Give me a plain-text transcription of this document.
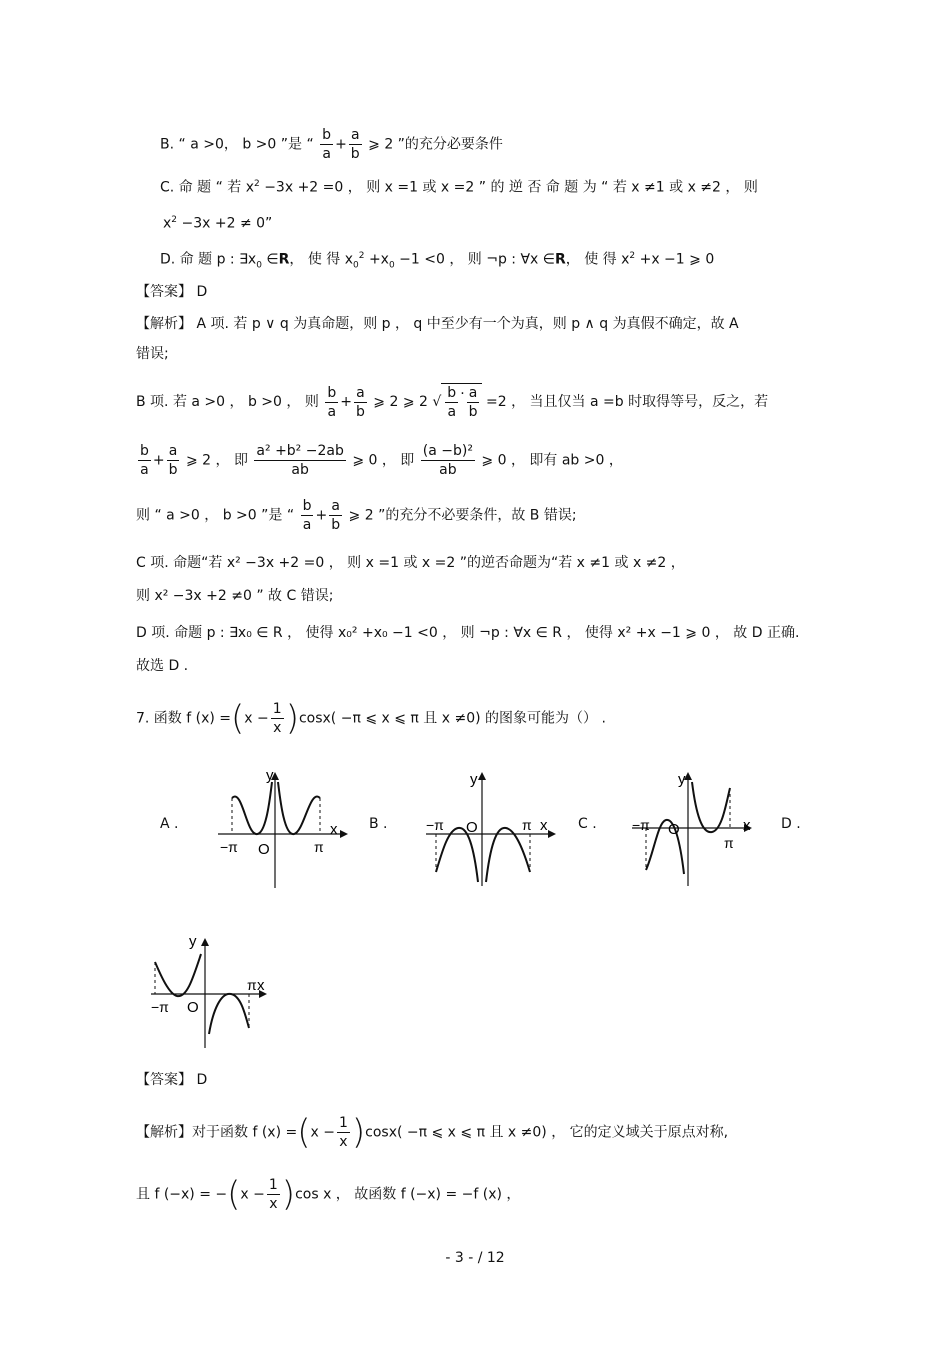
B. “ a >0， b >0 ”是 “ $\frac{b}{a} + \frac{a}{b}$ ⩾ 2 ”的充分必要条件
C. 命 题 “ 若 $x^2 -3x +2 =0$ ， 则 x =1 或 x =2 ” 的 逆 否 命 题 为 “ 若 x ≠1 或 x ≠2 ， 则
$x^2 -3x +2 \ne 0$”
D. 命 题 p : $\exists x_0$ ∈R， 使 得 $x_0^2 +x_0 -1 <0$ ， 则 ¬p : ∀x ∈R， 使 得 $x^2 +x -1$ ⩾ 0
【答案】 D
【解析】 A 项. 若 p ∨ q 为真命题，则 p ， q 中至少有一个为真，则 p ∧ q 为真假不确定，故 A
错误;
B 项. 若 a >0 ， b >0 ， 则 $\frac{b}{a} + \frac{a}{b}$ ⩾ 2 ⩾ 2 √ $\frac{b}{a} \cdot \frac{a}{b} =2$ ， 当且仅当 a =b 时取得等号，反之，若
$\frac{b}{a} + \frac{a}{b}$ ⩾ 2 ， 即 $\frac{\text{a² +b² −2ab}}{ab}$ ⩾ 0 ， 即 $\frac{\text{(a −b)²}}{ab}$ ⩾ 0 ， 即有 ab >0 ，
则 “ a >0 ， b >0 ”是 “ $\frac{b}{a} + \frac{a}{b}$ ⩾ 2 ”的充分不必要条件，故 B 错误;
C 项. 命题“若 x² −3x +2 =0 ， 则 x =1 或 x =2 ”的逆否命题为“若 x ≠1 或 x ≠2 ，
则 x² −3x +2 ≠0 ” 故 C 错误;
D 项. 命题 p : ∃x₀ ∈ R ， 使得 x₀² +x₀ −1 <0 ， 则 ¬p : ∀x ∈ R ， 使得 x² +x −1 ⩾ 0 ， 故 D 正确.
故选 D .
7. 函数 f $(x) =(x - \frac{1}{x} )\cos x( -\pi$ ⩽ x ⩽ π 且 x ≠0) 的图象可能为（） .
A .	B .	C .	D .
y
x
−π O	π
y
x
−π O	π
y
x
−π O
π
y
x
−π O
π
【答案】 D
【解析】对于函数 f $(x) =(x - \frac{1}{x} )\cos x( -\pi$ ⩽ x ⩽ π 且 x ≠0) ， 它的定义域关于原点对称,
且 f $(-x) = -(x - \frac{1}{x} )\cos$ x ， 故函数 f (−x) = −f (x) ，
- 3 - / 12
